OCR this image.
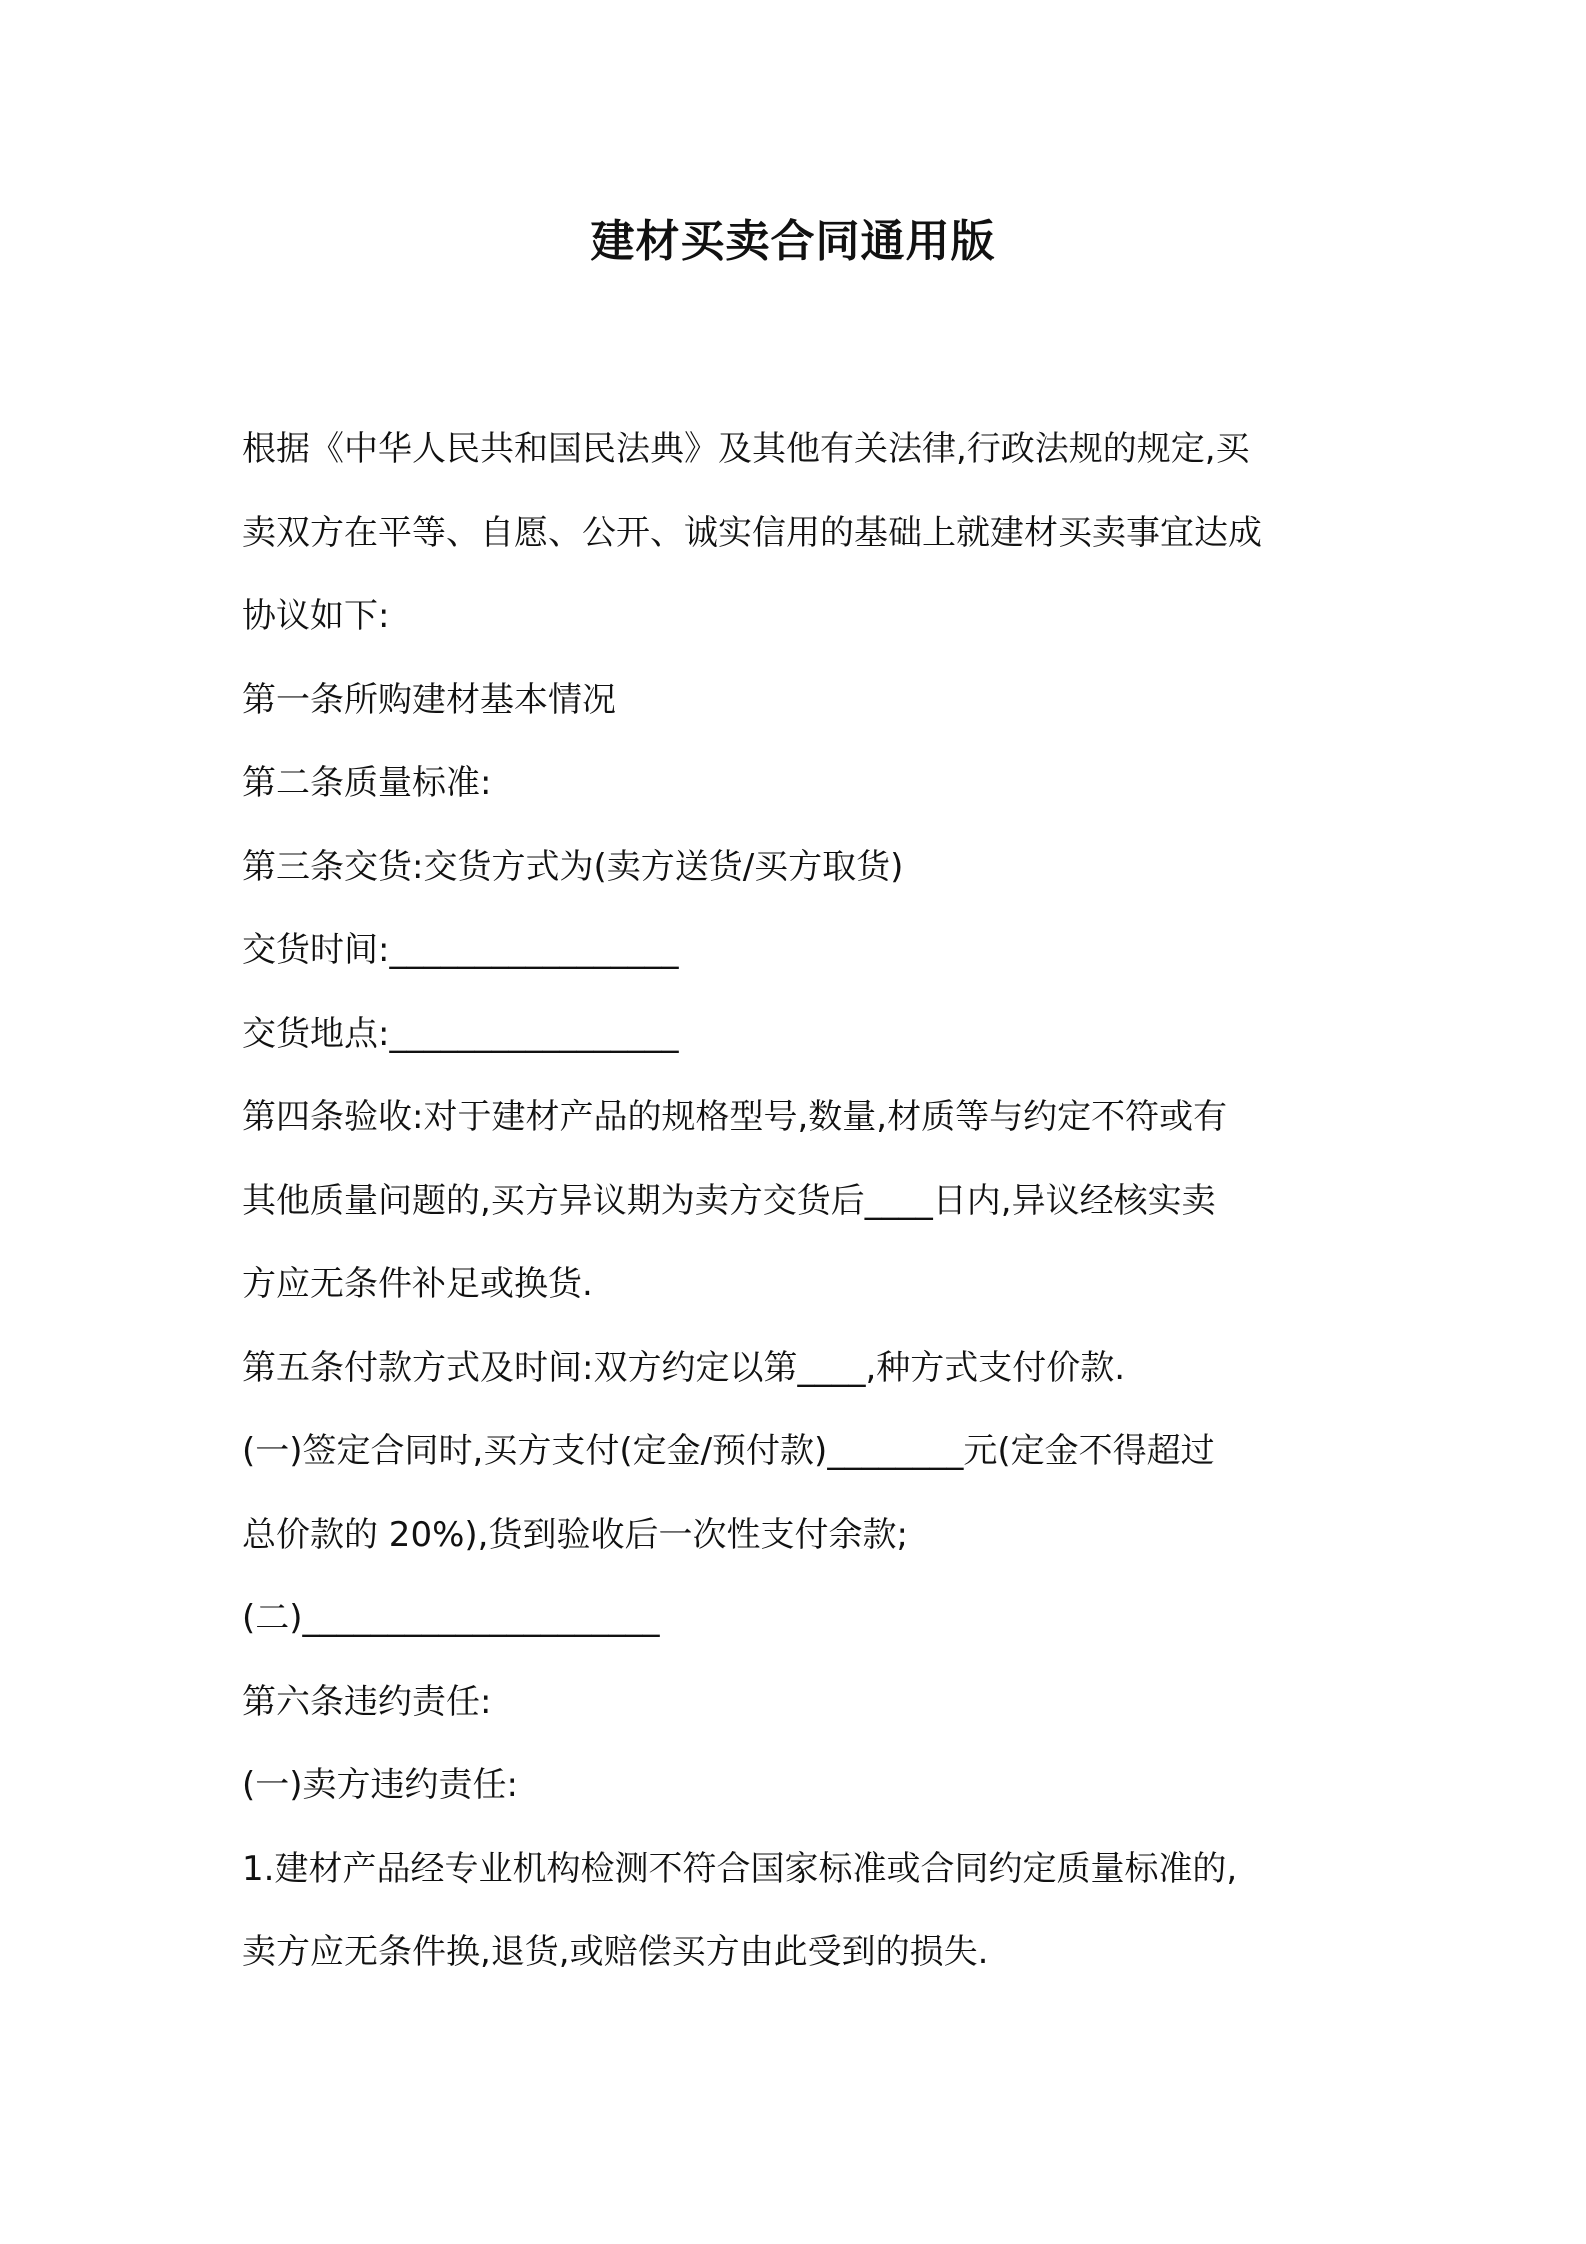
建材买卖合同通用版
根据《中华人民共和国民法典》及其他有关法律,行政法规的规定,买
卖双方在平等、自愿、公开、诚实信用的基础上就建材买卖事宜达成
协议如下:
第一条所购建材基本情况
第二条质量标准:
第三条交货:交货方式为(卖方送货/买方取货)
交货时间:_________________
交货地点:_________________
第四条验收:对于建材产品的规格型号,数量,材质等与约定不符或有
其他质量问题的,买方异议期为卖方交货后____日内,异议经核实卖
方应无条件补足或换货.
第五条付款方式及时间:双方约定以第____,种方式支付价款.
(一)签定合同时,买方支付(定金/预付款)________元(定金不得超过
总价款的 20%),货到验收后一次性支付余款;
(二)_____________________
第六条违约责任:
(一)卖方违约责任:
1.建材产品经专业机构检测不符合国家标准或合同约定质量标准的,
卖方应无条件换,退货,或赔偿买方由此受到的损失.
